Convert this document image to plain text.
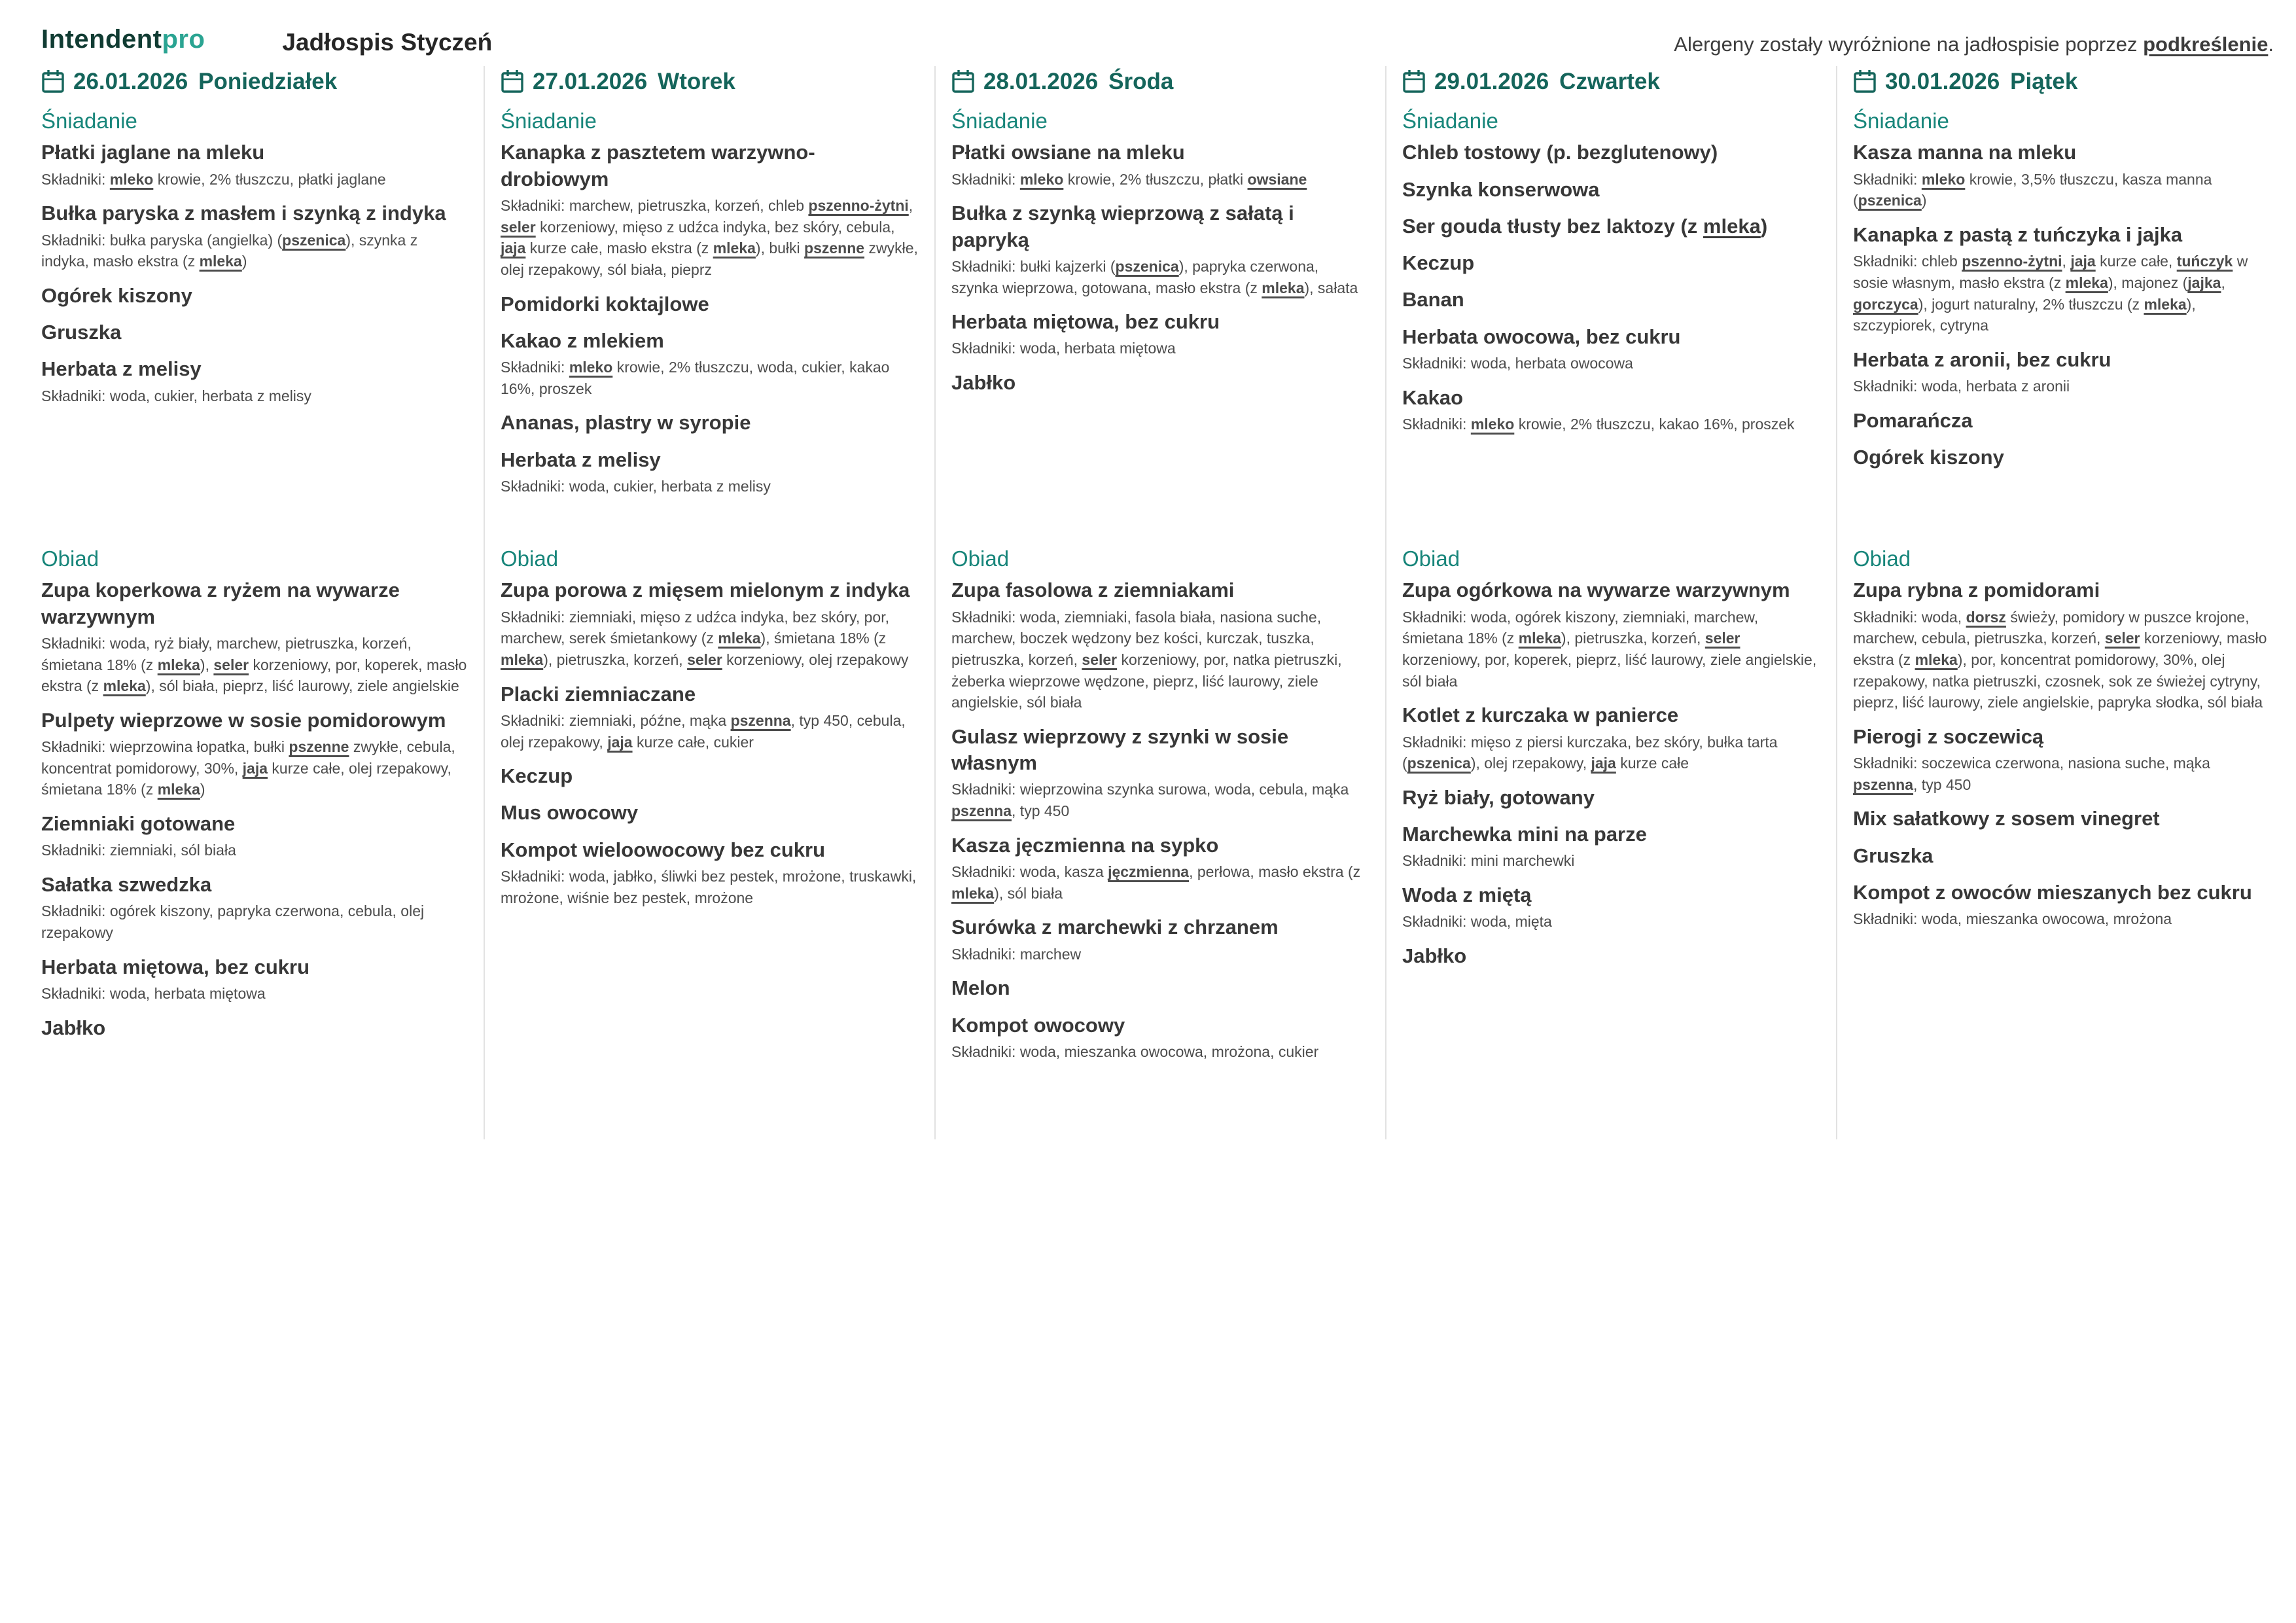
Intendentpro	Jadłospis Styczeń	Alergeny zostały wyróżnione na jadłospisie poprzez podkreślenie.

26.01.2026 Poniedziałek
Śniadanie
Płatki jaglane na mleku

Składniki: mleko krowie, 2% tłuszczu, płatki jaglane

Bułka paryska z masłem i szynką z indyka

Składniki: bułka paryska (angielka) (pszenica), szynka z indyka, masło ekstra (z mleka)

Ogórek kiszony
Gruszka
Herbata z melisy

Składniki: woda, cukier, herbata z melisy

Obiad
Zupa koperkowa z ryżem na wywarze warzywnym

Składniki: woda, ryż biały, marchew, pietruszka, korzeń, śmietana 18% (z mleka), seler korzeniowy, por, koperek, masło ekstra (z mleka), sól biała, pieprz, liść laurowy, ziele angielskie

Pulpety wieprzowe w sosie pomidorowym

Składniki: wieprzowina łopatka, bułki pszenne zwykłe, cebula, koncentrat pomidorowy, 30%, jaja kurze całe, olej rzepakowy, śmietana 18% (z mleka)

Ziemniaki gotowane

Składniki: ziemniaki, sól biała

Sałatka szwedzka

Składniki: ogórek kiszony, papryka czerwona, cebula, olej rzepakowy

Herbata miętowa, bez cukru

Składniki: woda, herbata miętowa

Jabłko
27.01.2026 Wtorek
Śniadanie
Kanapka z pasztetem warzywno-drobiowym

Składniki: marchew, pietruszka, korzeń, chleb pszenno-żytni, seler korzeniowy, mięso z udźca indyka, bez skóry, cebula, jaja kurze całe, masło ekstra (z mleka), bułki pszenne zwykłe, olej rzepakowy, sól biała, pieprz

Pomidorki koktajlowe
Kakao z mlekiem

Składniki: mleko krowie, 2% tłuszczu, woda, cukier, kakao 16%, proszek

Ananas, plastry w syropie
Herbata z melisy

Składniki: woda, cukier, herbata z melisy

Obiad
Zupa porowa z mięsem mielonym z indyka

Składniki: ziemniaki, mięso z udźca indyka, bez skóry, por, marchew, serek śmietankowy (z mleka), śmietana 18% (z mleka), pietruszka, korzeń, seler korzeniowy, olej rzepakowy

Placki ziemniaczane

Składniki: ziemniaki, późne, mąka pszenna, typ 450, cebula, olej rzepakowy, jaja kurze całe, cukier

Keczup
Mus owocowy
Kompot wieloowocowy bez cukru

Składniki: woda, jabłko, śliwki bez pestek, mrożone, truskawki, mrożone, wiśnie bez pestek, mrożone

28.01.2026 Środa
Śniadanie
Płatki owsiane na mleku

Składniki: mleko krowie, 2% tłuszczu, płatki owsiane

Bułka z szynką wieprzową z sałatą i papryką

Składniki: bułki kajzerki (pszenica), papryka czerwona, szynka wieprzowa, gotowana, masło ekstra (z mleka), sałata

Herbata miętowa, bez cukru

Składniki: woda, herbata miętowa

Jabłko
Obiad
Zupa fasolowa z ziemniakami

Składniki: woda, ziemniaki, fasola biała, nasiona suche, marchew, boczek wędzony bez kości, kurczak, tuszka, pietruszka, korzeń, seler korzeniowy, por, natka pietruszki, żeberka wieprzowe wędzone, pieprz, liść laurowy, ziele angielskie, sól biała

Gulasz wieprzowy z szynki w sosie własnym

Składniki: wieprzowina szynka surowa, woda, cebula, mąka pszenna, typ 450

Kasza jęczmienna na sypko

Składniki: woda, kasza jęczmienna, perłowa, masło ekstra (z mleka), sól biała

Surówka z marchewki z chrzanem

Składniki: marchew

Melon
Kompot owocowy

Składniki: woda, mieszanka owocowa, mrożona, cukier

29.01.2026 Czwartek
Śniadanie
Chleb tostowy (p. bezglutenowy)
Szynka konserwowa
Ser gouda tłusty bez laktozy (z mleka)
Keczup
Banan
Herbata owocowa, bez cukru

Składniki: woda, herbata owocowa

Kakao

Składniki: mleko krowie, 2% tłuszczu, kakao 16%, proszek

Obiad
Zupa ogórkowa na wywarze warzywnym

Składniki: woda, ogórek kiszony, ziemniaki, marchew, śmietana 18% (z mleka), pietruszka, korzeń, seler korzeniowy, por, koperek, pieprz, liść laurowy, ziele angielskie, sól biała

Kotlet z kurczaka w panierce

Składniki: mięso z piersi kurczaka, bez skóry, bułka tarta (pszenica), olej rzepakowy, jaja kurze całe

Ryż biały, gotowany
Marchewka mini na parze

Składniki: mini marchewki

Woda z miętą

Składniki: woda, mięta

Jabłko
30.01.2026 Piątek
Śniadanie
Kasza manna na mleku

Składniki: mleko krowie, 3,5% tłuszczu, kasza manna (pszenica)

Kanapka z pastą z tuńczyka i jajka

Składniki: chleb pszenno-żytni, jaja kurze całe, tuńczyk w sosie własnym, masło ekstra (z mleka), majonez (jajka, gorczyca), jogurt naturalny, 2% tłuszczu (z mleka), szczypiorek, cytryna

Herbata z aronii, bez cukru

Składniki: woda, herbata z aronii

Pomarańcza
Ogórek kiszony
Obiad
Zupa rybna z pomidorami

Składniki: woda, dorsz świeży, pomidory w puszce krojone, marchew, cebula, pietruszka, korzeń, seler korzeniowy, masło ekstra (z mleka), por, koncentrat pomidorowy, 30%, olej rzepakowy, natka pietruszki, czosnek, sok ze świeżej cytryny, pieprz, liść laurowy, ziele angielskie, papryka słodka, sól biała

Pierogi z soczewicą

Składniki: soczewica czerwona, nasiona suche, mąka pszenna, typ 450

Mix sałatkowy z sosem vinegret
Gruszka
Kompot z owoców mieszanych bez cukru

Składniki: woda, mieszanka owocowa, mrożona
